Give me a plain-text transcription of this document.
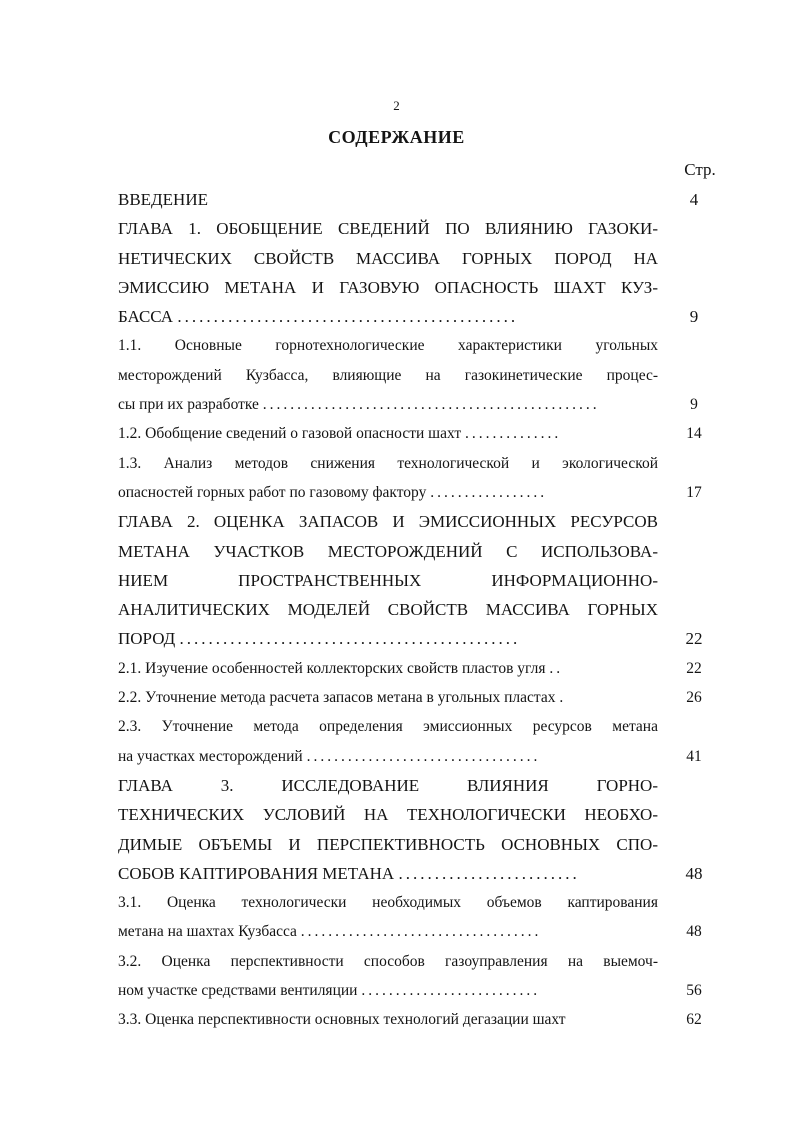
2
СОДЕРЖАНИЕ
Стр.
ВВЕДЕНИЕ	4
ГЛАВА 1. ОБОБЩЕНИЕ СВЕДЕНИЙ ПО ВЛИЯНИЮ ГАЗОКИ-
НЕТИЧЕСКИХ СВОЙСТВ МАССИВА ГОРНЫХ ПОРОД НА
ЭМИССИЮ МЕТАНА И ГАЗОВУЮ ОПАСНОСТЬ ШАХТ КУЗ-
БАССА ...............................................	9
1.1. Основные горнотехнологические характеристики угольных
месторождений Кузбасса, влияющие на газокинетические процес-
сы при их разработке .................................................	9
1.2. Обобщение сведений о газовой опасности шахт ..............	14
1.3. Анализ методов снижения технологической и экологической
опасностей горных работ по газовому фактору .................	17
ГЛАВА 2. ОЦЕНКА ЗАПАСОВ И ЭМИССИОННЫХ РЕСУРСОВ
МЕТАНА УЧАСТКОВ МЕСТОРОЖДЕНИЙ С ИСПОЛЬЗОВА-
НИЕМ ПРОСТРАНСТВЕННЫХ ИНФОРМАЦИОННО-
АНАЛИТИЧЕСКИХ МОДЕЛЕЙ СВОЙСТВ МАССИВА ГОРНЫХ
ПОРОД ...............................................	22
2.1. Изучение особенностей коллекторских свойств пластов угля ..	22
2.2. Уточнение метода расчета запасов метана в угольных пластах .	26
2.3. Уточнение метода определения эмиссионных ресурсов метана
на участках месторождений ..................................	41
ГЛАВА 3. ИССЛЕДОВАНИЕ ВЛИЯНИЯ ГОРНО-
ТЕХНИЧЕСКИХ УСЛОВИЙ НА ТЕХНОЛОГИЧЕСКИ НЕОБХО-
ДИМЫЕ ОБЪЕМЫ И ПЕРСПЕКТИВНОСТЬ ОСНОВНЫХ СПО-
СОБОВ КАПТИРОВАНИЯ МЕТАНА .........................	48
3.1. Оценка технологически необходимых объемов каптирования
метана на шахтах Кузбасса ...................................	48
3.2. Оценка перспективности способов газоуправления на выемоч-
ном участке средствами вентиляции ..........................	56
3.3. Оценка перспективности основных технологий дегазации шахт	62
